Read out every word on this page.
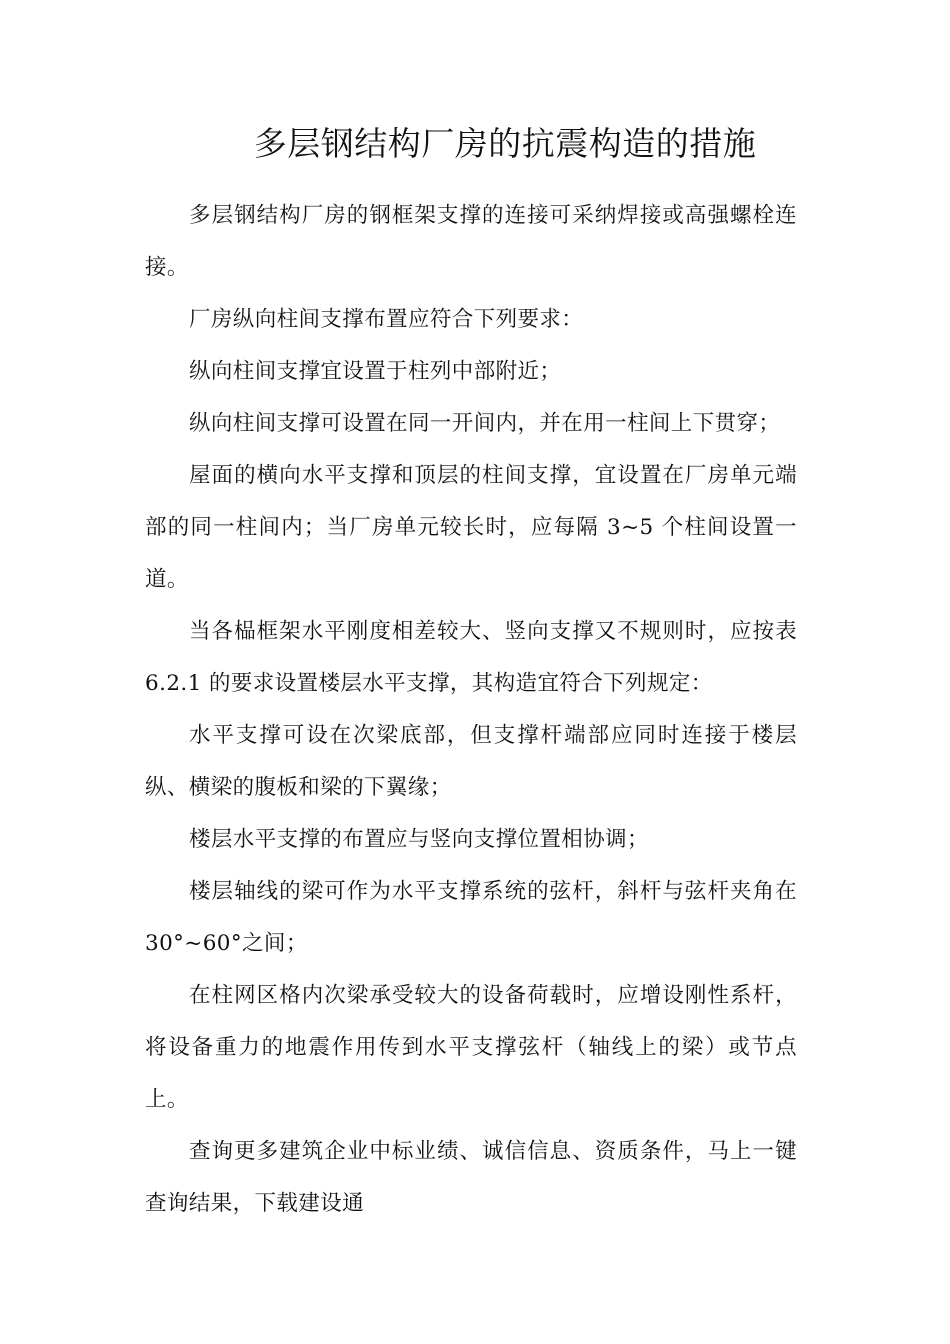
多层钢结构厂房的抗震构造的措施

多层钢结构厂房的钢框架支撑的连接可采纳焊接或高强螺栓连接。

厂房纵向柱间支撑布置应符合下列要求：

纵向柱间支撑宜设置于柱列中部附近；

纵向柱间支撑可设置在同一开间内，并在用一柱间上下贯穿；

屋面的横向水平支撑和顶层的柱间支撑，宜设置在厂房单元端部的同一柱间内；当厂房单元较长时，应每隔 3~5 个柱间设置一道。

当各榀框架水平刚度相差较大、竖向支撑又不规则时，应按表 6.2.1 的要求设置楼层水平支撑，其构造宜符合下列规定：

水平支撑可设在次梁底部，但支撑杆端部应同时连接于楼层纵、横梁的腹板和梁的下翼缘；

楼层水平支撑的布置应与竖向支撑位置相协调；

楼层轴线的梁可作为水平支撑系统的弦杆，斜杆与弦杆夹角在 30°~60°之间；

在柱网区格内次梁承受较大的设备荷载时，应增设刚性系杆，将设备重力的地震作用传到水平支撑弦杆（轴线上的梁）或节点上。

查询更多建筑企业中标业绩、诚信信息、资质条件，马上一键查询结果，下载建设通
